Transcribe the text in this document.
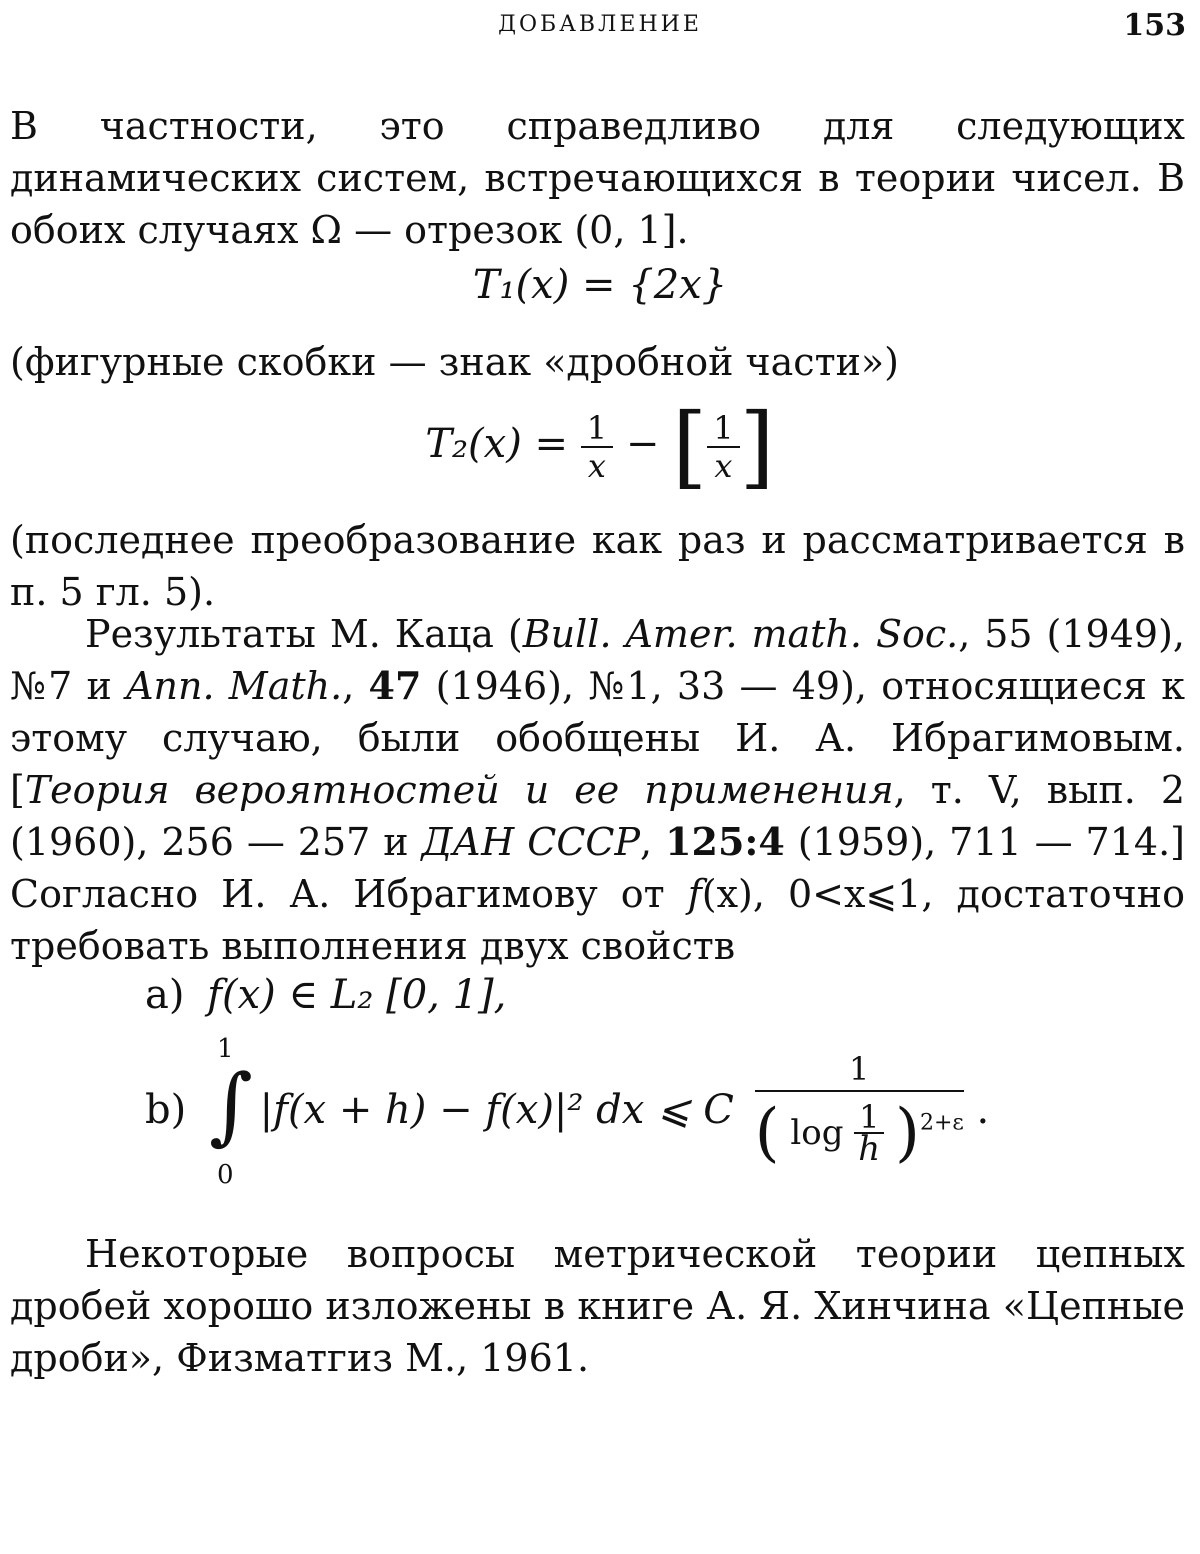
ДОБАВЛЕНИЕ	153
В частности, это справедливо для следующих динамических систем, встречающихся в теории чисел. В обоих случаях Ω — отрезок (0, 1].
T₁(x) = {2x}
(фигурные скобки — знак «дробной части»)
$T_2(x) = \frac{1}{x}$ − [ $\frac{1}{x}$ ]
(последнее преобразование как раз и рассматривается в п. 5 гл. 5).
Результаты М. Каца (Bull. Amer. math. Soc., 55 (1949), №7 и Ann. Math., 47 (1946), №1, 33 — 49), относящиеся к этому случаю, были обобщены И. А. Ибрагимовым. [Теория вероятностей и ее применения, т. V, вып. 2 (1960), 256 — 257 и ДАН СССР, 125:4 (1959), 711 — 714.] Согласно И. А. Ибрагимову от f(x), 0<x⩽1, достаточно требовать выполнения двух свойств
a) f(x) ∈ L₂ [0, 1],
b)
1
∫
0
|f(x + h) − f(x)|² dx ⩽ C $\frac{1}{( \log \frac{1}{h} )^{2+\varepsilon}}$ .
Некоторые вопросы метрической теории цепных дробей хорошо изложены в книге А. Я. Хинчина «Цепные дроби», Физматгиз М., 1961.
